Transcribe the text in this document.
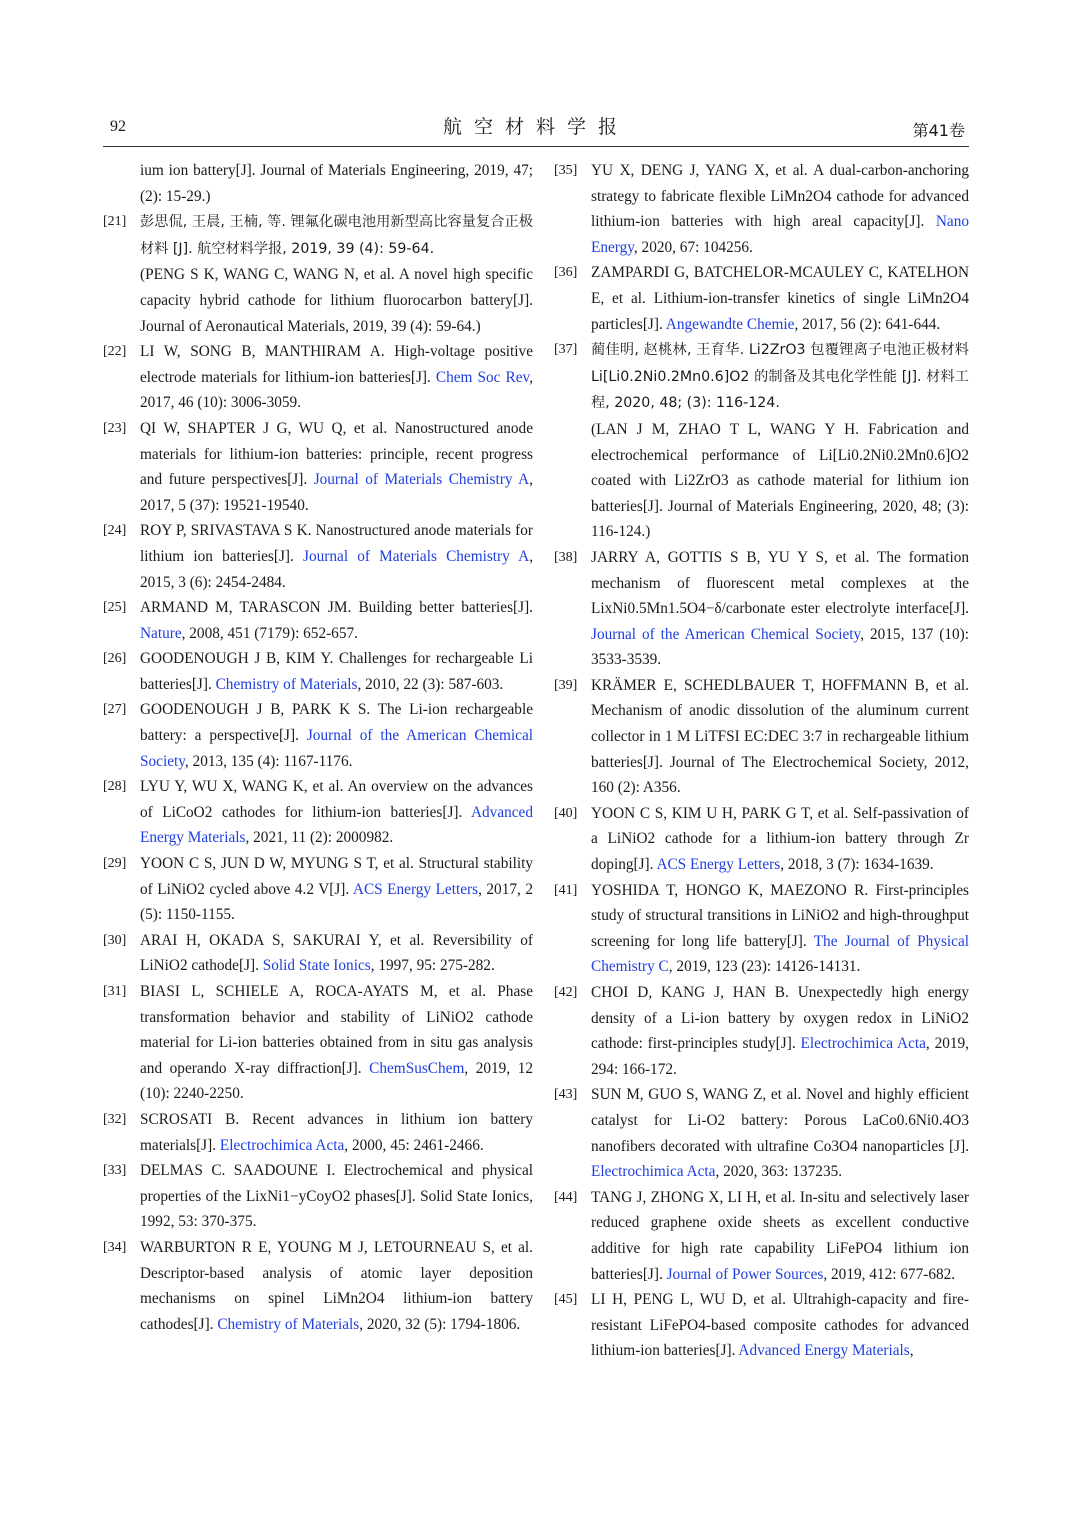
92	航空材料学报	第41卷
ium ion battery[J]. Journal of Materials Engineering, 2019, 47; (2): 15-29.)
[21] 彭思侃, 王晨, 王楠, 等. 锂氟化碳电池用新型高比容量复合正极材料 [J]. 航空材料学报, 2019, 39 (4): 59-64.
(PENG S K, WANG C, WANG N, et al. A novel high specific capacity hybrid cathode for lithium fluorocarbon battery[J]. Journal of Aeronautical Materials, 2019, 39 (4): 59-64.)
[22] LI W, SONG B, MANTHIRAM A. High-voltage positive electrode materials for lithium-ion batteries[J]. Chem Soc Rev, 2017, 46 (10): 3006-3059.
[23] QI W, SHAPTER J G, WU Q, et al. Nanostructured anode materials for lithium-ion batteries: principle, recent progress and future perspectives[J]. Journal of Materials Chemistry A, 2017, 5 (37): 19521-19540.
[24] ROY P, SRIVASTAVA S K. Nanostructured anode materials for lithium ion batteries[J]. Journal of Materials Chemistry A, 2015, 3 (6): 2454-2484.
[25] ARMAND M, TARASCON JM. Building better batteries[J]. Nature, 2008, 451 (7179): 652-657.
[26] GOODENOUGH J B, KIM Y. Challenges for rechargeable Li batteries[J]. Chemistry of Materials, 2010, 22 (3): 587-603.
[27] GOODENOUGH J B, PARK K S. The Li-ion rechargeable battery: a perspective[J]. Journal of the American Chemical Society, 2013, 135 (4): 1167-1176.
[28] LYU Y, WU X, WANG K, et al. An overview on the advances of LiCoO2 cathodes for lithium-ion batteries[J]. Advanced Energy Materials, 2021, 11 (2): 2000982.
[29] YOON C S, JUN D W, MYUNG S T, et al. Structural stability of LiNiO2 cycled above 4.2 V[J]. ACS Energy Letters, 2017, 2 (5): 1150-1155.
[30] ARAI H, OKADA S, SAKURAI Y, et al. Reversibility of LiNiO2 cathode[J]. Solid State Ionics, 1997, 95: 275-282.
[31] BIASI L, SCHIELE A, ROCA-AYATS M, et al. Phase transformation behavior and stability of LiNiO2 cathode material for Li-ion batteries obtained from in situ gas analysis and operando X-ray diffraction[J]. ChemSusChem, 2019, 12 (10): 2240-2250.
[32] SCROSATI B. Recent advances in lithium ion battery materials[J]. Electrochimica Acta, 2000, 45: 2461-2466.
[33] DELMAS C. SAADOUNE I. Electrochemical and physical properties of the LixNi1−yCoyO2 phases[J]. Solid State Ionics, 1992, 53: 370-375.
[34] WARBURTON R E, YOUNG M J, LETOURNEAU S, et al. Descriptor-based analysis of atomic layer deposition mechanisms on spinel LiMn2O4 lithium-ion battery cathodes[J]. Chemistry of Materials, 2020, 32 (5): 1794-1806.
[35] YU X, DENG J, YANG X, et al. A dual-carbon-anchoring strategy to fabricate flexible LiMn2O4 cathode for advanced lithium-ion batteries with high areal capacity[J]. Nano Energy, 2020, 67: 104256.
[36] ZAMPARDI G, BATCHELOR-MCAULEY C, KATELHON E, et al. Lithium-ion-transfer kinetics of single LiMn2O4 particles[J]. Angewandte Chemie, 2017, 56 (2): 641-644.
[37] 蔺佳明, 赵桃林, 王育华. Li2ZrO3 包覆锂离子电池正极材料 Li[Li0.2Ni0.2Mn0.6]O2 的制备及其电化学性能 [J]. 材料工程, 2020, 48; (3): 116-124.
(LAN J M, ZHAO T L, WANG Y H. Fabrication and electrochemical performance of Li[Li0.2Ni0.2Mn0.6]O2 coated with Li2ZrO3 as cathode material for lithium ion batteries[J]. Journal of Materials Engineering, 2020, 48; (3): 116-124.)
[38] JARRY A, GOTTIS S B, YU Y S, et al. The formation mechanism of fluorescent metal complexes at the LixNi0.5Mn1.5O4−δ/carbonate ester electrolyte interface[J]. Journal of the American Chemical Society, 2015, 137 (10): 3533-3539.
[39] KRÄMER E, SCHEDLBAUER T, HOFFMANN B, et al. Mechanism of anodic dissolution of the aluminum current collector in 1 M LiTFSI EC:DEC 3:7 in rechargeable lithium batteries[J]. Journal of The Electrochemical Society, 2012, 160 (2): A356.
[40] YOON C S, KIM U H, PARK G T, et al. Self-passivation of a LiNiO2 cathode for a lithium-ion battery through Zr doping[J]. ACS Energy Letters, 2018, 3 (7): 1634-1639.
[41] YOSHIDA T, HONGO K, MAEZONO R. First-principles study of structural transitions in LiNiO2 and high-throughput screening for long life battery[J]. The Journal of Physical Chemistry C, 2019, 123 (23): 14126-14131.
[42] CHOI D, KANG J, HAN B. Unexpectedly high energy density of a Li-ion battery by oxygen redox in LiNiO2 cathode: first-principles study[J]. Electrochimica Acta, 2019, 294: 166-172.
[43] SUN M, GUO S, WANG Z, et al. Novel and highly efficient catalyst for Li-O2 battery: Porous LaCo0.6Ni0.4O3 nanofibers decorated with ultrafine Co3O4 nanoparticles [J]. Electrochimica Acta, 2020, 363: 137235.
[44] TANG J, ZHONG X, LI H, et al. In-situ and selectively laser reduced graphene oxide sheets as excellent conductive additive for high rate capability LiFePO4 lithium ion batteries[J]. Journal of Power Sources, 2019, 412: 677-682.
[45] LI H, PENG L, WU D, et al. Ultrahigh-capacity and fire-resistant LiFePO4-based composite cathodes for advanced lithium-ion batteries[J]. Advanced Energy Materials,
